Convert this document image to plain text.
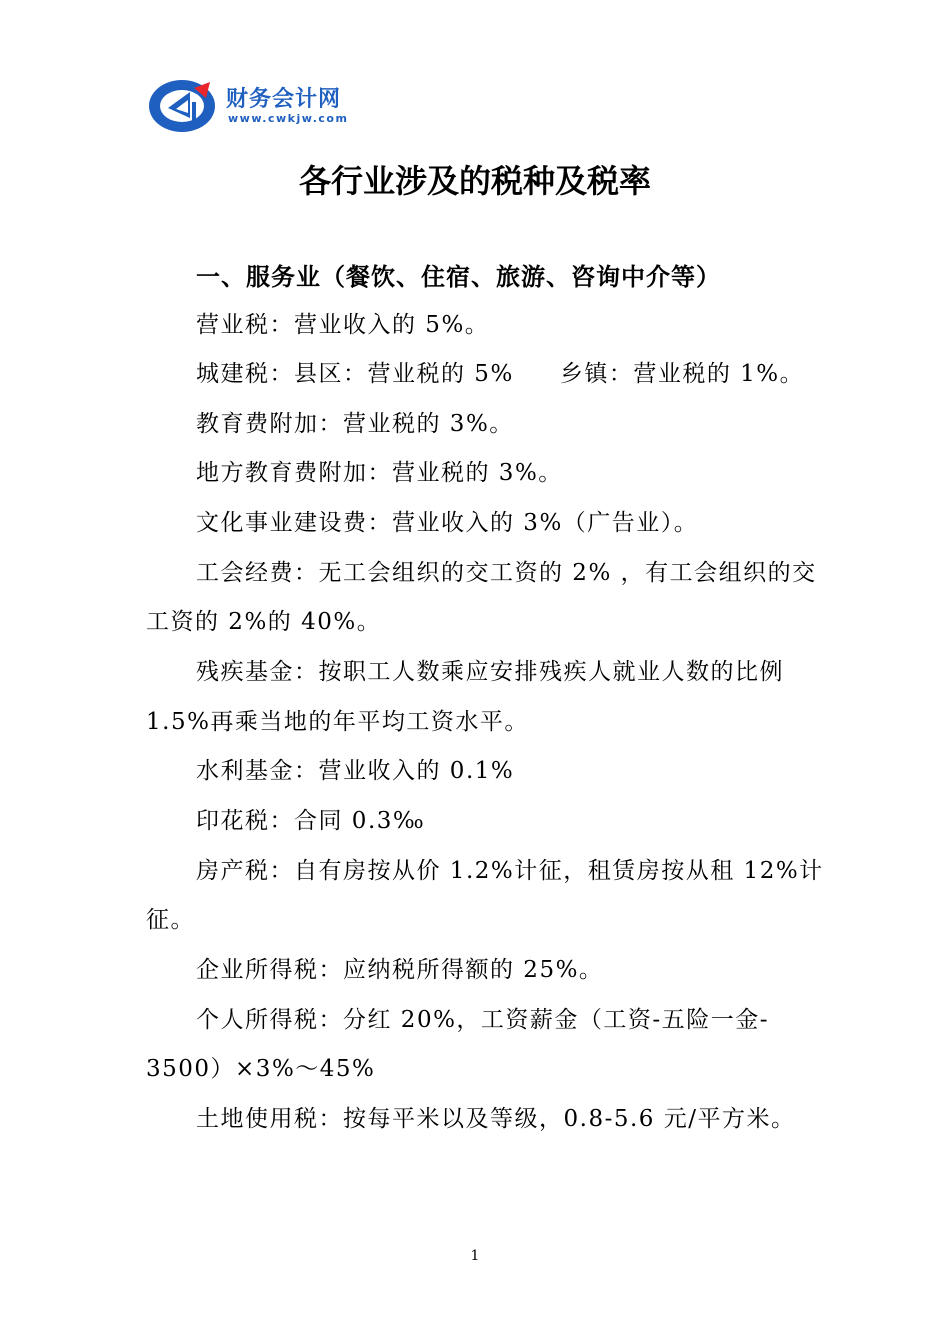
财务会计网
www.cwkjw.com
各行业涉及的税种及税率
一、服务业（餐饮、住宿、旅游、咨询中介等）
营业税：营业收入的 5%。
城建税：县区：营业税的 5% 乡镇：营业税的 1%。
教育费附加：营业税的 3%。
地方教育费附加：营业税的 3%。
文化事业建设费：营业收入的 3%（广告业）。
工会经费：无工会组织的交工资的 2% ，有工会组织的交
工资的 2%的 40%。
残疾基金：按职工人数乘应安排残疾人就业人数的比例
1.5%再乘当地的年平均工资水平。
水利基金：营业收入的 0.1%
印花税：合同 0.3‰
房产税：自有房按从价 1.2%计征，租赁房按从租 12%计
征。
企业所得税：应纳税所得额的 25%。
个人所得税：分红 20%，工资薪金（工资-五险一金-
3500）×3%～45%
土地使用税：按每平米以及等级，0.8-5.6 元/平方米。
1
